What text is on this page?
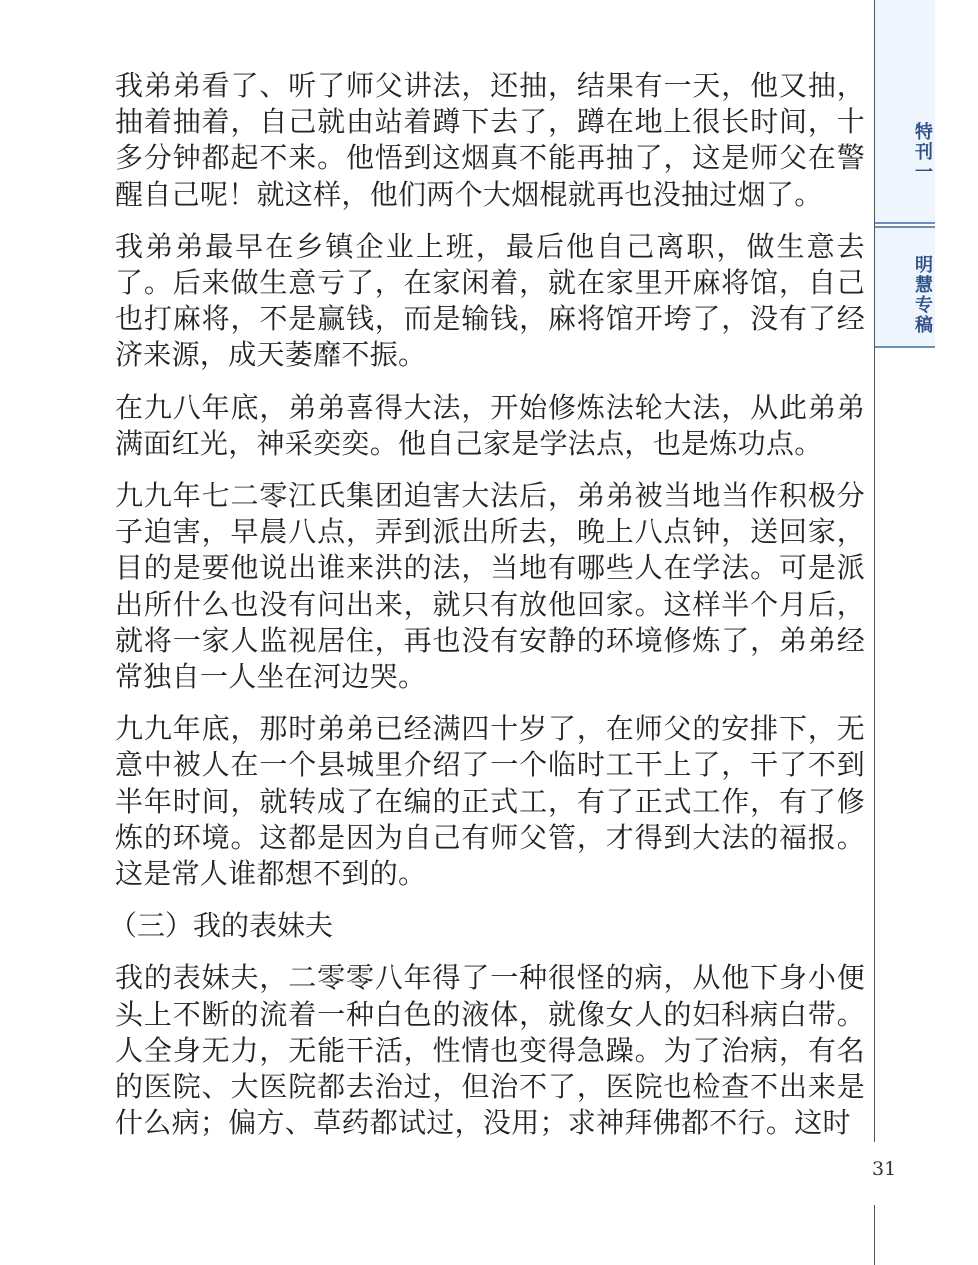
特刊一
明慧专稿

我弟弟看了、听了师父讲法，还抽，结果有一天，他又抽，抽着抽着，自己就由站着蹲下去了，蹲在地上很长时间，十多分钟都起不来。他悟到这烟真不能再抽了，这是师父在警醒自己呢！就这样，他们两个大烟棍就再也没抽过烟了。

我弟弟最早在乡镇企业上班，最后他自己离职，做生意去了。后来做生意亏了，在家闲着，就在家里开麻将馆，自己也打麻将，不是赢钱，而是输钱，麻将馆开垮了，没有了经济来源，成天萎靡不振。

在九八年底，弟弟喜得大法，开始修炼法轮大法，从此弟弟满面红光，神采奕奕。他自己家是学法点，也是炼功点。

九九年七二零江氏集团迫害大法后，弟弟被当地当作积极分子迫害，早晨八点，弄到派出所去，晚上八点钟，送回家，目的是要他说出谁来洪的法，当地有哪些人在学法。可是派出所什么也没有问出来，就只有放他回家。这样半个月后，就将一家人监视居住，再也没有安静的环境修炼了，弟弟经常独自一人坐在河边哭。

九九年底，那时弟弟已经满四十岁了，在师父的安排下，无意中被人在一个县城里介绍了一个临时工干上了，干了不到半年时间，就转成了在编的正式工，有了正式工作，有了修炼的环境。这都是因为自己有师父管，才得到大法的福报。这是常人谁都想不到的。

（三）我的表妹夫

我的表妹夫，二零零八年得了一种很怪的病，从他下身小便头上不断的流着一种白色的液体，就像女人的妇科病白带。人全身无力，无能干活，性情也变得急躁。为了治病，有名的医院、大医院都去治过，但治不了，医院也检查不出来是什么病；偏方、草药都试过，没用；求神拜佛都不行。这时

31
